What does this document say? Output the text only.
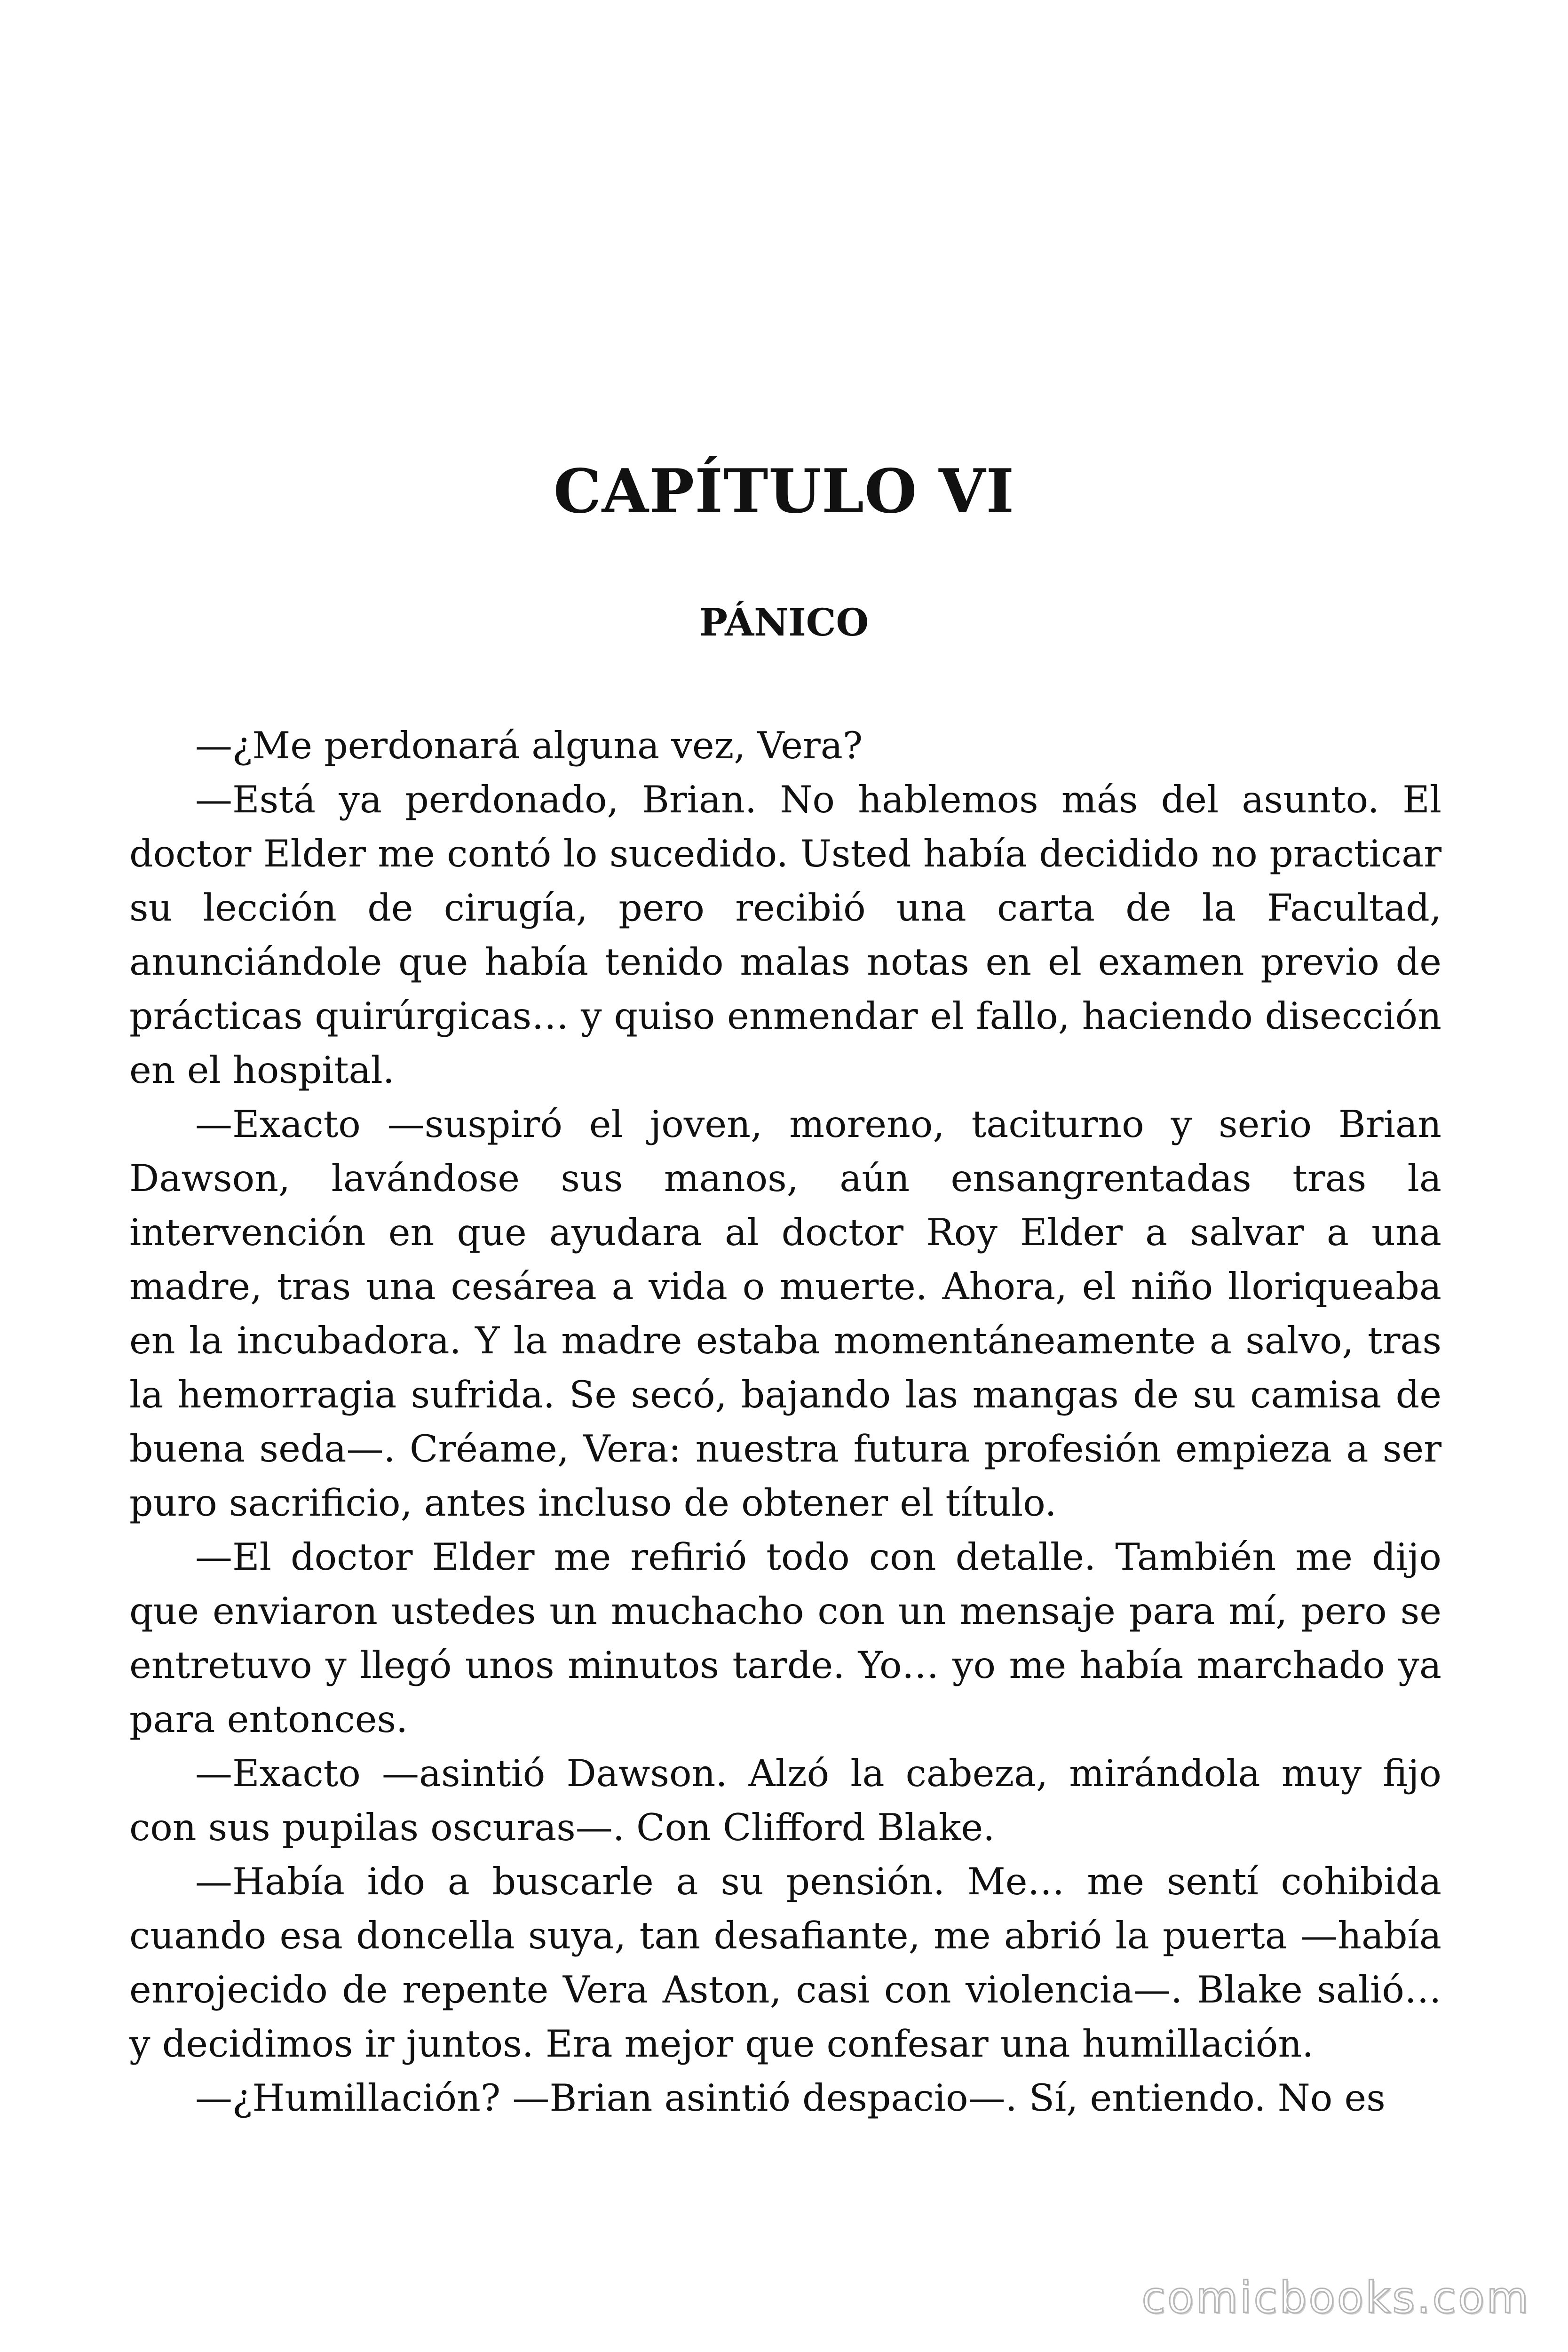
CAPÍTULO VI
PÁNICO

—¿Me perdonará alguna vez, Vera?

—Está ya perdonado, Brian. No hablemos más del asunto. El doctor Elder me contó lo sucedido. Usted había decidido no practicar su lección de cirugía, pero recibió una carta de la Facultad, anunciándole que había tenido malas notas en el examen previo de prácticas quirúrgicas… y quiso enmendar el fallo, haciendo disección en el hospital.

—Exacto —suspiró el joven, moreno, taciturno y serio Brian Dawson, lavándose sus manos, aún ensangrentadas tras la intervención en que ayudara al doctor Roy Elder a salvar a una madre, tras una cesárea a vida o muerte. Ahora, el niño lloriqueaba en la incubadora. Y la madre estaba momentáneamente a salvo, tras la hemorragia sufrida. Se secó, bajando las mangas de su camisa de buena seda—. Créame, Vera: nuestra futura profesión empieza a ser puro sacrificio, antes incluso de obtener el título.

—El doctor Elder me refirió todo con detalle. También me dijo que enviaron ustedes un muchacho con un mensaje para mí, pero se entretuvo y llegó unos minutos tarde. Yo… yo me había marchado ya para entonces.

—Exacto —asintió Dawson. Alzó la cabeza, mirándola muy fijo con sus pupilas oscuras—. Con Clifford Blake.

—Había ido a buscarle a su pensión. Me… me sentí cohibida cuando esa doncella suya, tan desafiante, me abrió la puerta —había enrojecido de repente Vera Aston, casi con violencia—. Blake salió… y decidimos ir juntos. Era mejor que confesar una humillación.

—¿Humillación? —Brian asintió despacio—. Sí, entiendo. No es

comicbooks.com
